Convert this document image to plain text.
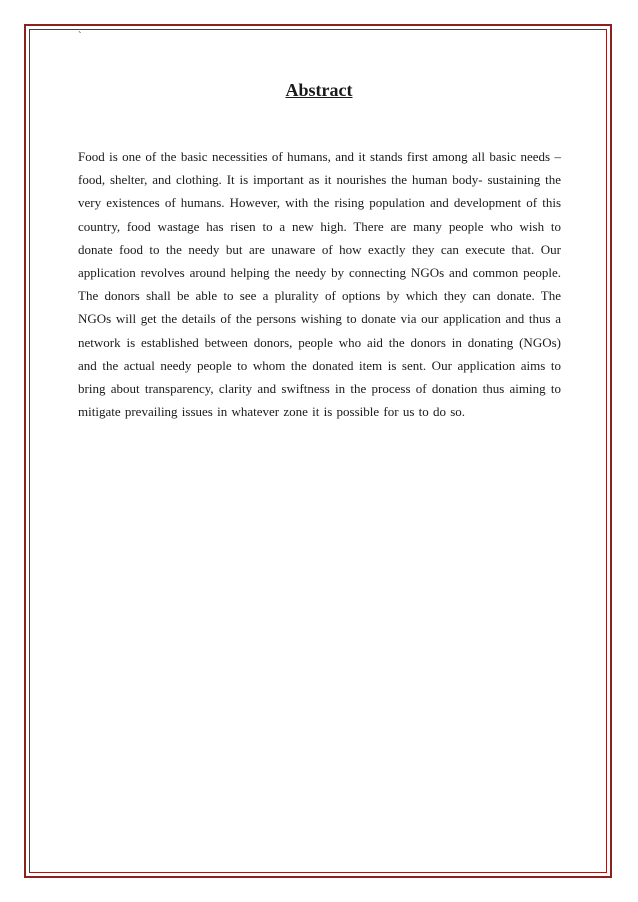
`
Abstract

Food is one of the basic necessities of humans, and it stands first among all basic needs – food, shelter, and clothing. It is important as it nourishes the human body- sustaining the very existences of humans. However, with the rising population and development of this country, food wastage has risen to a new high. There are many people who wish to donate food to the needy but are unaware of how exactly they can execute that. Our application revolves around helping the needy by connecting NGOs and common people. The donors shall be able to see a plurality of options by which they can donate. The NGOs will get the details of the persons wishing to donate via our application and thus a network is established between donors, people who aid the donors in donating (NGOs) and the actual needy people to whom the donated item is sent. Our application aims to bring about transparency, clarity and swiftness in the process of donation thus aiming to mitigate prevailing issues in whatever zone it is possible for us to do so.
